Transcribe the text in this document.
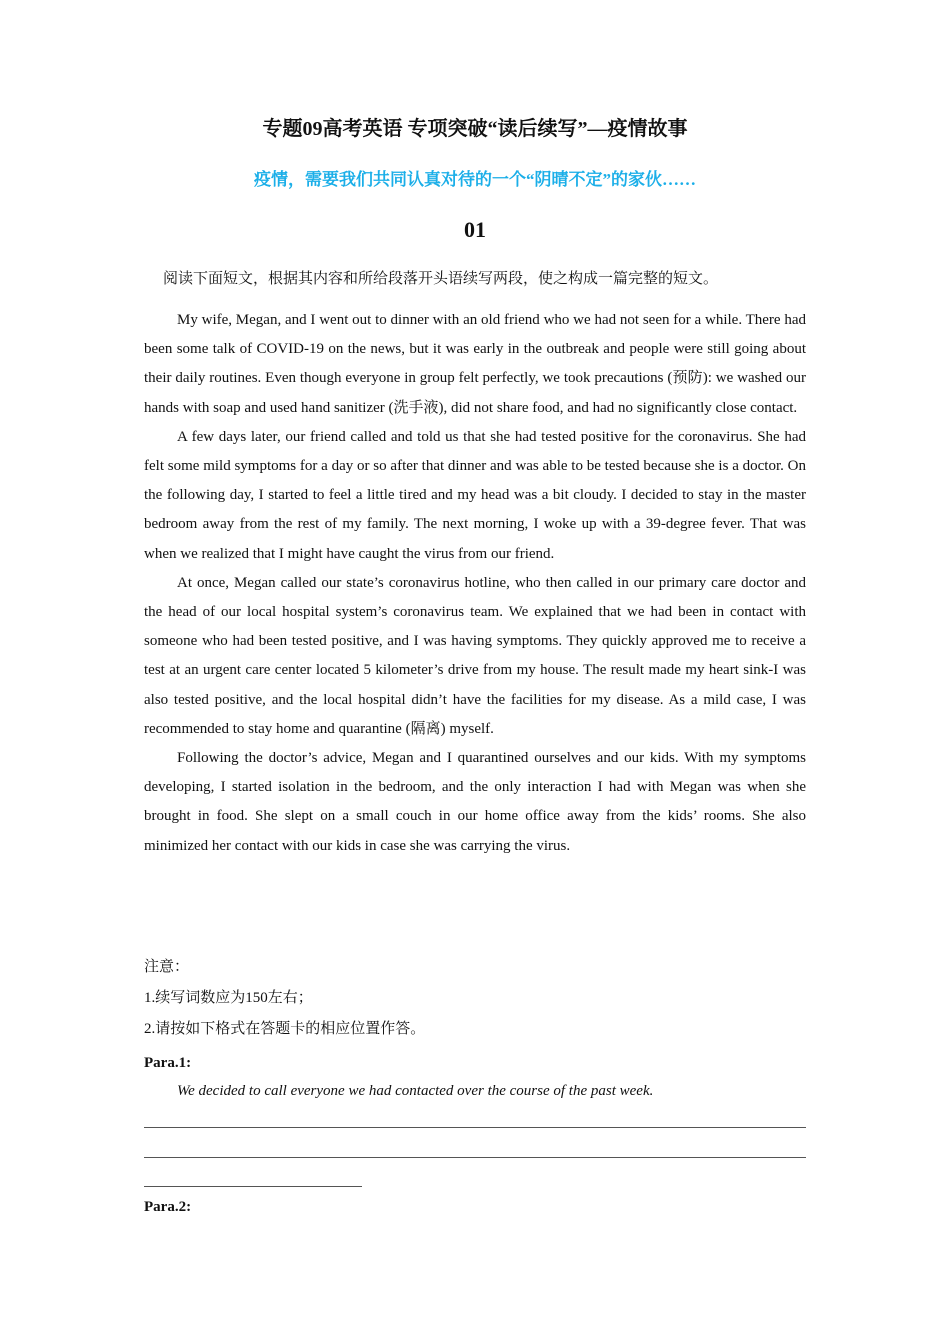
专题09高考英语 专项突破“读后续写”—疫情故事
疫情，需要我们共同认真对待的一个“阴晴不定”的家伙……
01
阅读下面短文，根据其内容和所给段落开头语续写两段，使之构成一篇完整的短文。

My wife, Megan, and I went out to dinner with an old friend who we had not seen for a while. There had been some talk of COVID-19 on the news, but it was early in the outbreak and people were still going about their daily routines. Even though everyone in group felt perfectly, we took precautions (预防): we washed our hands with soap and used hand sanitizer (洗手液), did not share food, and had no significantly close contact.

A few days later, our friend called and told us that she had tested positive for the coronavirus. She had felt some mild symptoms for a day or so after that dinner and was able to be tested because she is a doctor. On the following day, I started to feel a little tired and my head was a bit cloudy. I decided to stay in the master bedroom away from the rest of my family. The next morning, I woke up with a 39-degree fever. That was when we realized that I might have caught the virus from our friend.

At once, Megan called our state’s coronavirus hotline, who then called in our primary care doctor and the head of our local hospital system’s coronavirus team. We explained that we had been in contact with someone who had been tested positive, and I was having symptoms. They quickly approved me to receive a test at an urgent care center located 5 kilometer’s drive from my house. The result made my heart sink-I was also tested positive, and the local hospital didn’t have the facilities for my disease. As a mild case, I was recommended to stay home and quarantine (隔离) myself.

Following the doctor’s advice, Megan and I quarantined ourselves and our kids. With my symptoms developing, I started isolation in the bedroom, and the only interaction I had with Megan was when she brought in food. She slept on a small couch in our home office away from the kids’ rooms. She also minimized her contact with our kids in case she was carrying the virus.

注意：
1.续写词数应为150左右；
2.请按如下格式在答题卡的相应位置作答。
Para.1:
We decided to call everyone we had contacted over the course of the past week.
Para.2:
